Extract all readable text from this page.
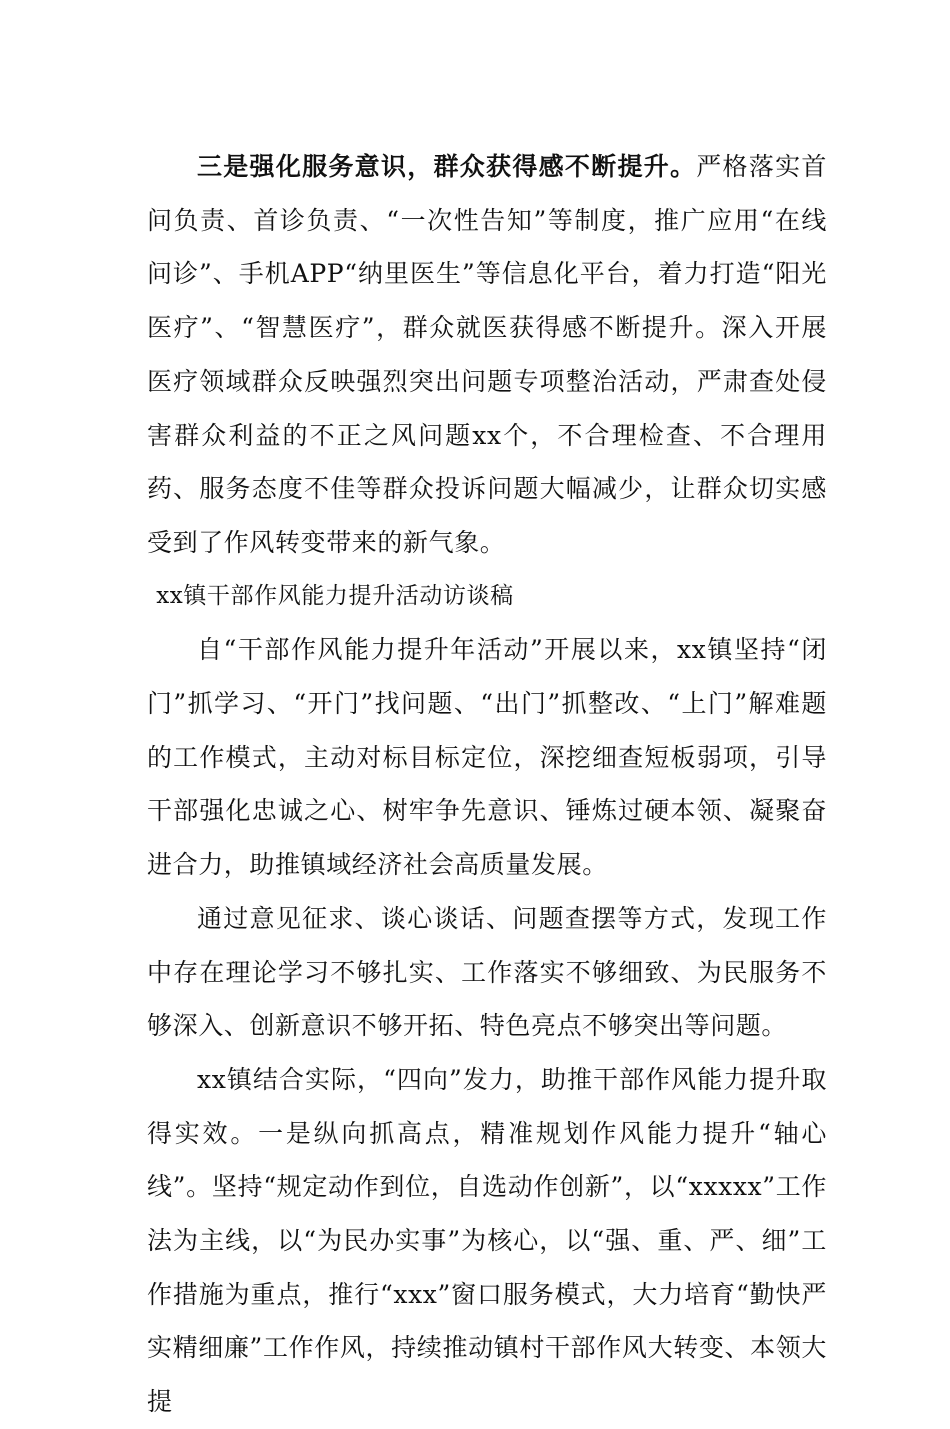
三是强化服务意识，群众获得感不断提升。严格落实首问负责、首诊负责、“一次性告知”等制度，推广应用“在线问诊”、手机APP“纳里医生”等信息化平台，着力打造“阳光医疗”、“智慧医疗”，群众就医获得感不断提升。深入开展医疗领域群众反映强烈突出问题专项整治活动，严肃查处侵害群众利益的不正之风问题xx个，不合理检查、不合理用药、服务态度不佳等群众投诉问题大幅减少，让群众切实感受到了作风转变带来的新气象。

xx镇干部作风能力提升活动访谈稿

自“干部作风能力提升年活动”开展以来，xx镇坚持“闭门”抓学习、“开门”找问题、“出门”抓整改、“上门”解难题的工作模式，主动对标目标定位，深挖细查短板弱项，引导干部强化忠诚之心、树牢争先意识、锤炼过硬本领、凝聚奋进合力，助推镇域经济社会高质量发展。

通过意见征求、谈心谈话、问题查摆等方式，发现工作中存在理论学习不够扎实、工作落实不够细致、为民服务不够深入、创新意识不够开拓、特色亮点不够突出等问题。

xx镇结合实际，“四向”发力，助推干部作风能力提升取得实效。一是纵向抓高点，精准规划作风能力提升“轴心线”。坚持“规定动作到位，自选动作创新”，以“xxxxx”工作法为主线，以“为民办实事”为核心，以“强、重、严、细”工作措施为重点，推行“xxx”窗口服务模式，大力培育“勤快严实精细廉”工作作风，持续推动镇村干部作风大转变、本领大提
